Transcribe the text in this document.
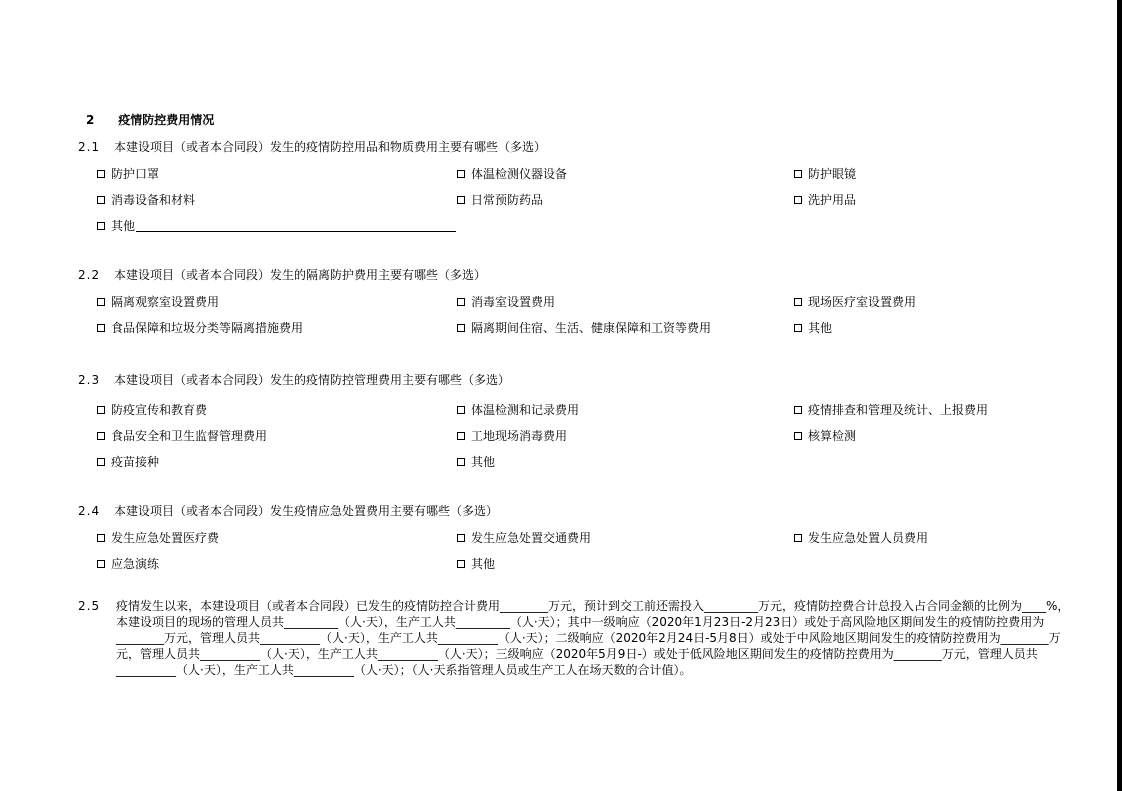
2 疫情防控费用情况
2.1 本建设项目（或者本合同段）发生的疫情防控用品和物质费用主要有哪些（多选）
防护口罩	体温检测仪器设备	防护眼镜
消毒设备和材料	日常预防药品	洗护用品
其他
2.2 本建设项目（或者本合同段）发生的隔离防护费用主要有哪些（多选）
隔离观察室设置费用	消毒室设置费用	现场医疗室设置费用
食品保障和垃圾分类等隔离措施费用	隔离期间住宿、生活、健康保障和工资等费用	其他
2.3 本建设项目（或者本合同段）发生的疫情防控管理费用主要有哪些（多选）
防疫宣传和教育费	体温检测和记录费用	疫情排查和管理及统计、上报费用
食品安全和卫生监督管理费用	工地现场消毒费用	核算检测
疫苗接种	其他
2.4 本建设项目（或者本合同段）发生疫情应急处置费用主要有哪些（多选）
发生应急处置医疗费	发生应急处置交通费用	发生应急处置人员费用
应急演练	其他
2.5 疫情发生以来，本建设项目（或者本合同段）已发生的疫情防控合计费用________万元，预计到交工前还需投入_________万元，疫情防控费合计总投入占合同金额的比例为____%，本建设项目的现场的管理人员共_________（人·天），生产工人共_________（人·天）；其中一级响应（2020年1月23日-2月23日）或处于高风险地区期间发生的疫情防控费用为________万元，管理人员共__________（人·天），生产工人共__________（人·天）；二级响应（2020年2月24日-5月8日）或处于中风险地区期间发生的疫情防控费用为________万元，管理人员共__________（人·天），生产工人共__________（人·天）；三级响应（2020年5月9日-）或处于低风险地区期间发生的疫情防控费用为________万元，管理人员共__________（人·天），生产工人共__________（人·天）；（人·天系指管理人员或生产工人在场天数的合计值）。
